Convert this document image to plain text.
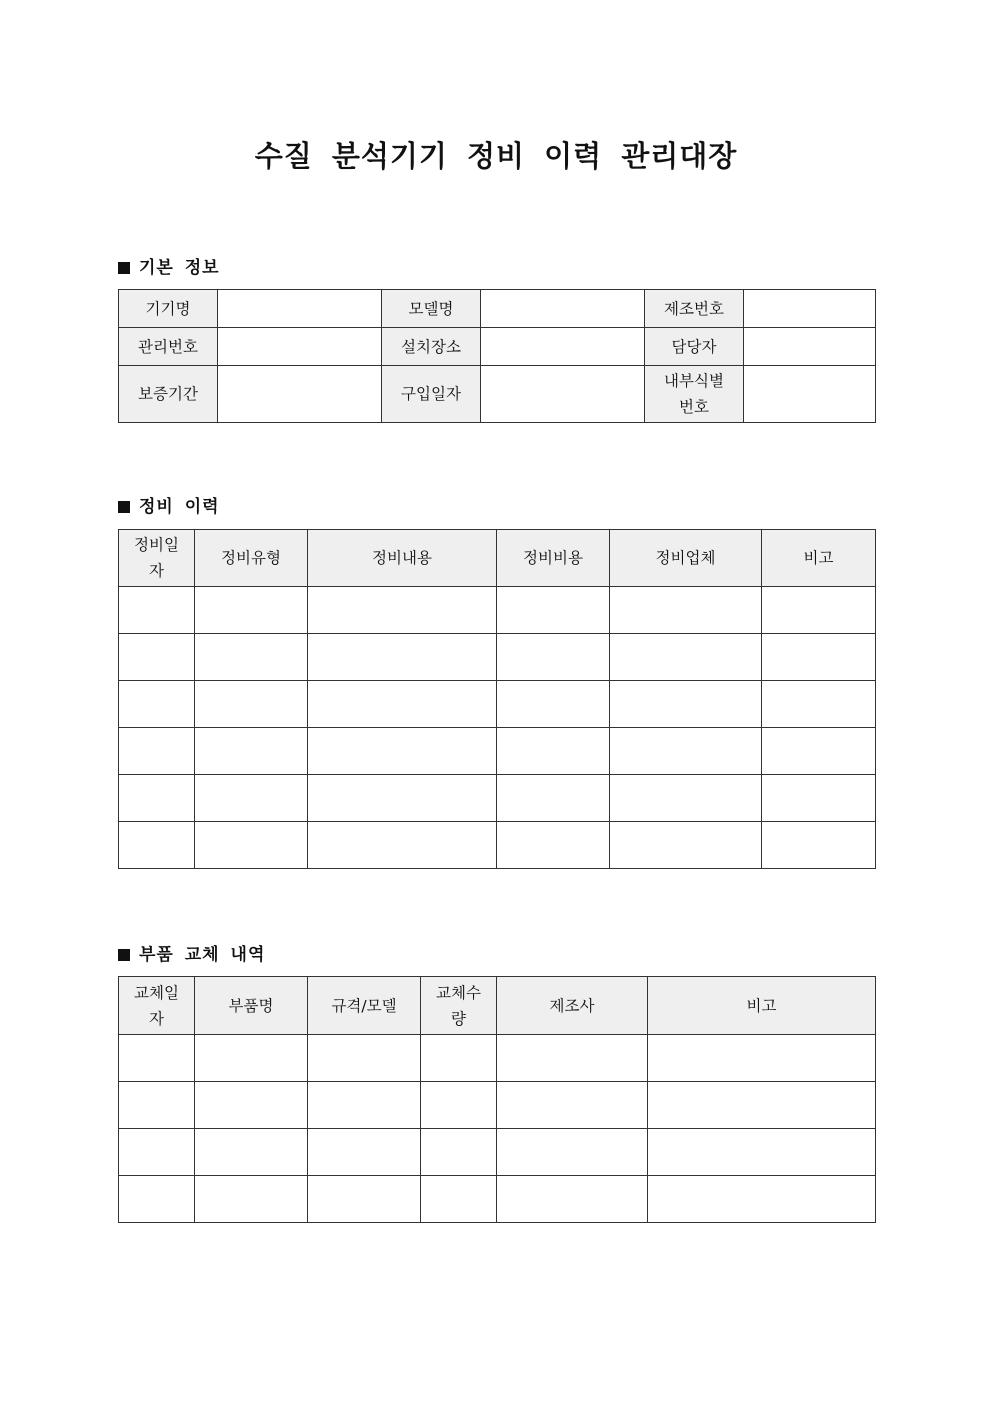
수질 분석기기 정비 이력 관리대장
기본 정보
기기명		모델명		제조번호	
관리번호		설치장소		담당자	
보증기간		구입일자		내부식별번호	
정비 이력
정비일자	정비유형	정비내용	정비비용	정비업체	비고

부품 교체 내역
교체일자	부품명	규격/모델	교체수량	제조사	비고
